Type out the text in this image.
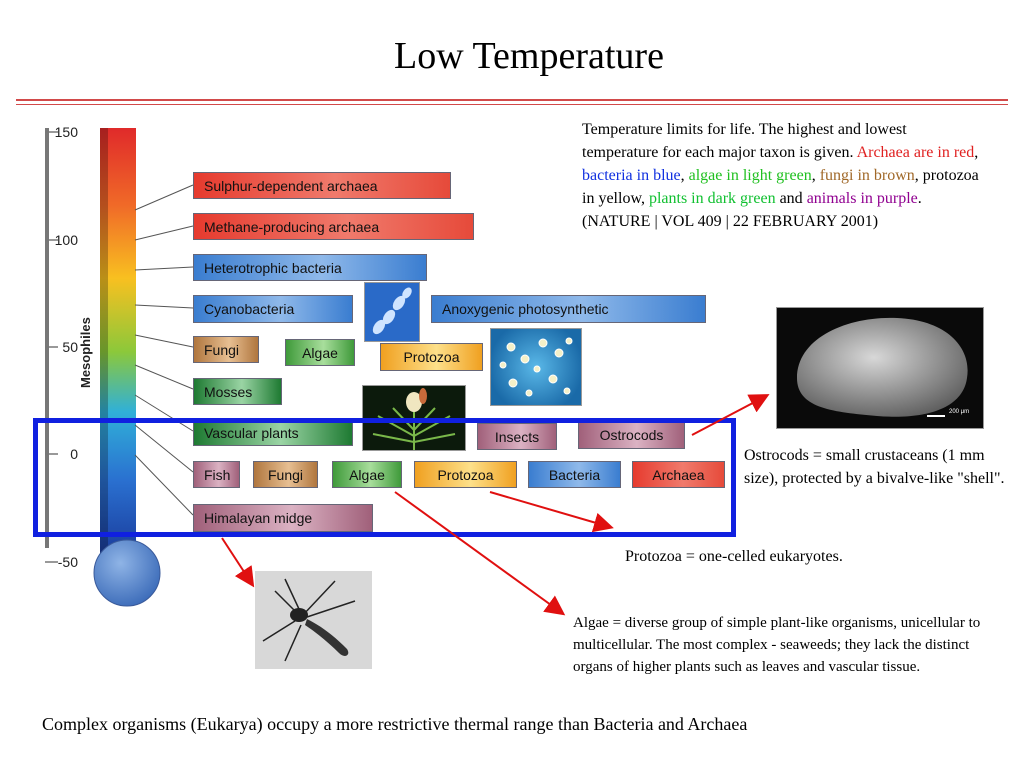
Low Temperature
Temperature limits for life. The highest and lowest temperature for each major taxon is given. Archaea are in red, bacteria in blue, algae in light green, fungi in brown, protozoa in yellow, plants in dark green and animals in purple.
(NATURE | VOL 409 | 22 FEBRUARY 2001)
150
100
50
0
-50
Mesophiles
Sulphur-dependent archaea
Methane-producing archaea
Heterotrophic bacteria
Cyanobacteria	Anoxygenic photosynthetic
Fungi	Algae	Protozoa
Mosses
Vascular plants	Insects	Ostrocods
Fish	Fungi	Algae	Protozoa	Bacteria	Archaea
Himalayan midge
200 μm
Ostrocods = small crustaceans (1 mm size), protected by a bivalve-like "shell".
Protozoa = one-celled eukaryotes.
Algae = diverse group of simple plant-like organisms, unicellular to multicellular. The most complex - seaweeds; they lack the distinct organs of higher plants such as leaves and vascular tissue.
Complex organisms (Eukarya) occupy a more restrictive thermal range than Bacteria and Archaea
